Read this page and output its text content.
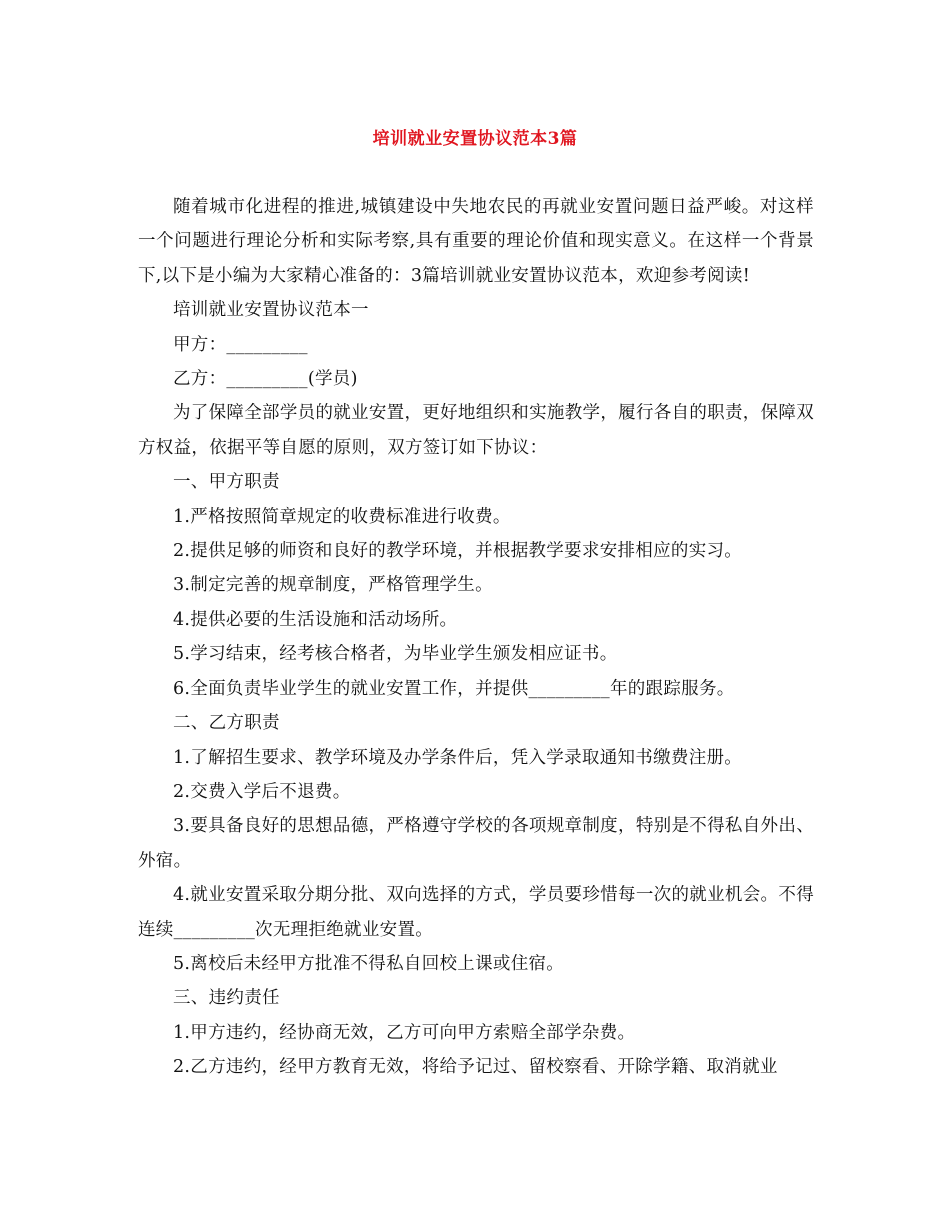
培训就业安置协议范本3篇

随着城市化进程的推进,城镇建设中失地农民的再就业安置问题日益严峻。对这样一个问题进行理论分析和实际考察,具有重要的理论价值和现实意义。在这样一个背景下,以下是小编为大家精心准备的：3篇培训就业安置协议范本，欢迎参考阅读!

培训就业安置协议范本一

甲方：_________

乙方：_________(学员)

为了保障全部学员的就业安置，更好地组织和实施教学，履行各自的职责，保障双方权益，依据平等自愿的原则，双方签订如下协议：

一、甲方职责

1.严格按照简章规定的收费标准进行收费。

2.提供足够的师资和良好的教学环境，并根据教学要求安排相应的实习。

3.制定完善的规章制度，严格管理学生。

4.提供必要的生活设施和活动场所。

5.学习结束，经考核合格者，为毕业学生颁发相应证书。

6.全面负责毕业学生的就业安置工作，并提供_________年的跟踪服务。

二、乙方职责

1.了解招生要求、教学环境及办学条件后，凭入学录取通知书缴费注册。

2.交费入学后不退费。

3.要具备良好的思想品德，严格遵守学校的各项规章制度，特别是不得私自外出、外宿。

4.就业安置采取分期分批、双向选择的方式，学员要珍惜每一次的就业机会。不得连续_________次无理拒绝就业安置。

5.离校后未经甲方批准不得私自回校上课或住宿。

三、违约责任

1.甲方违约，经协商无效，乙方可向甲方索赔全部学杂费。

2.乙方违约，经甲方教育无效，将给予记过、留校察看、开除学籍、取消就业
